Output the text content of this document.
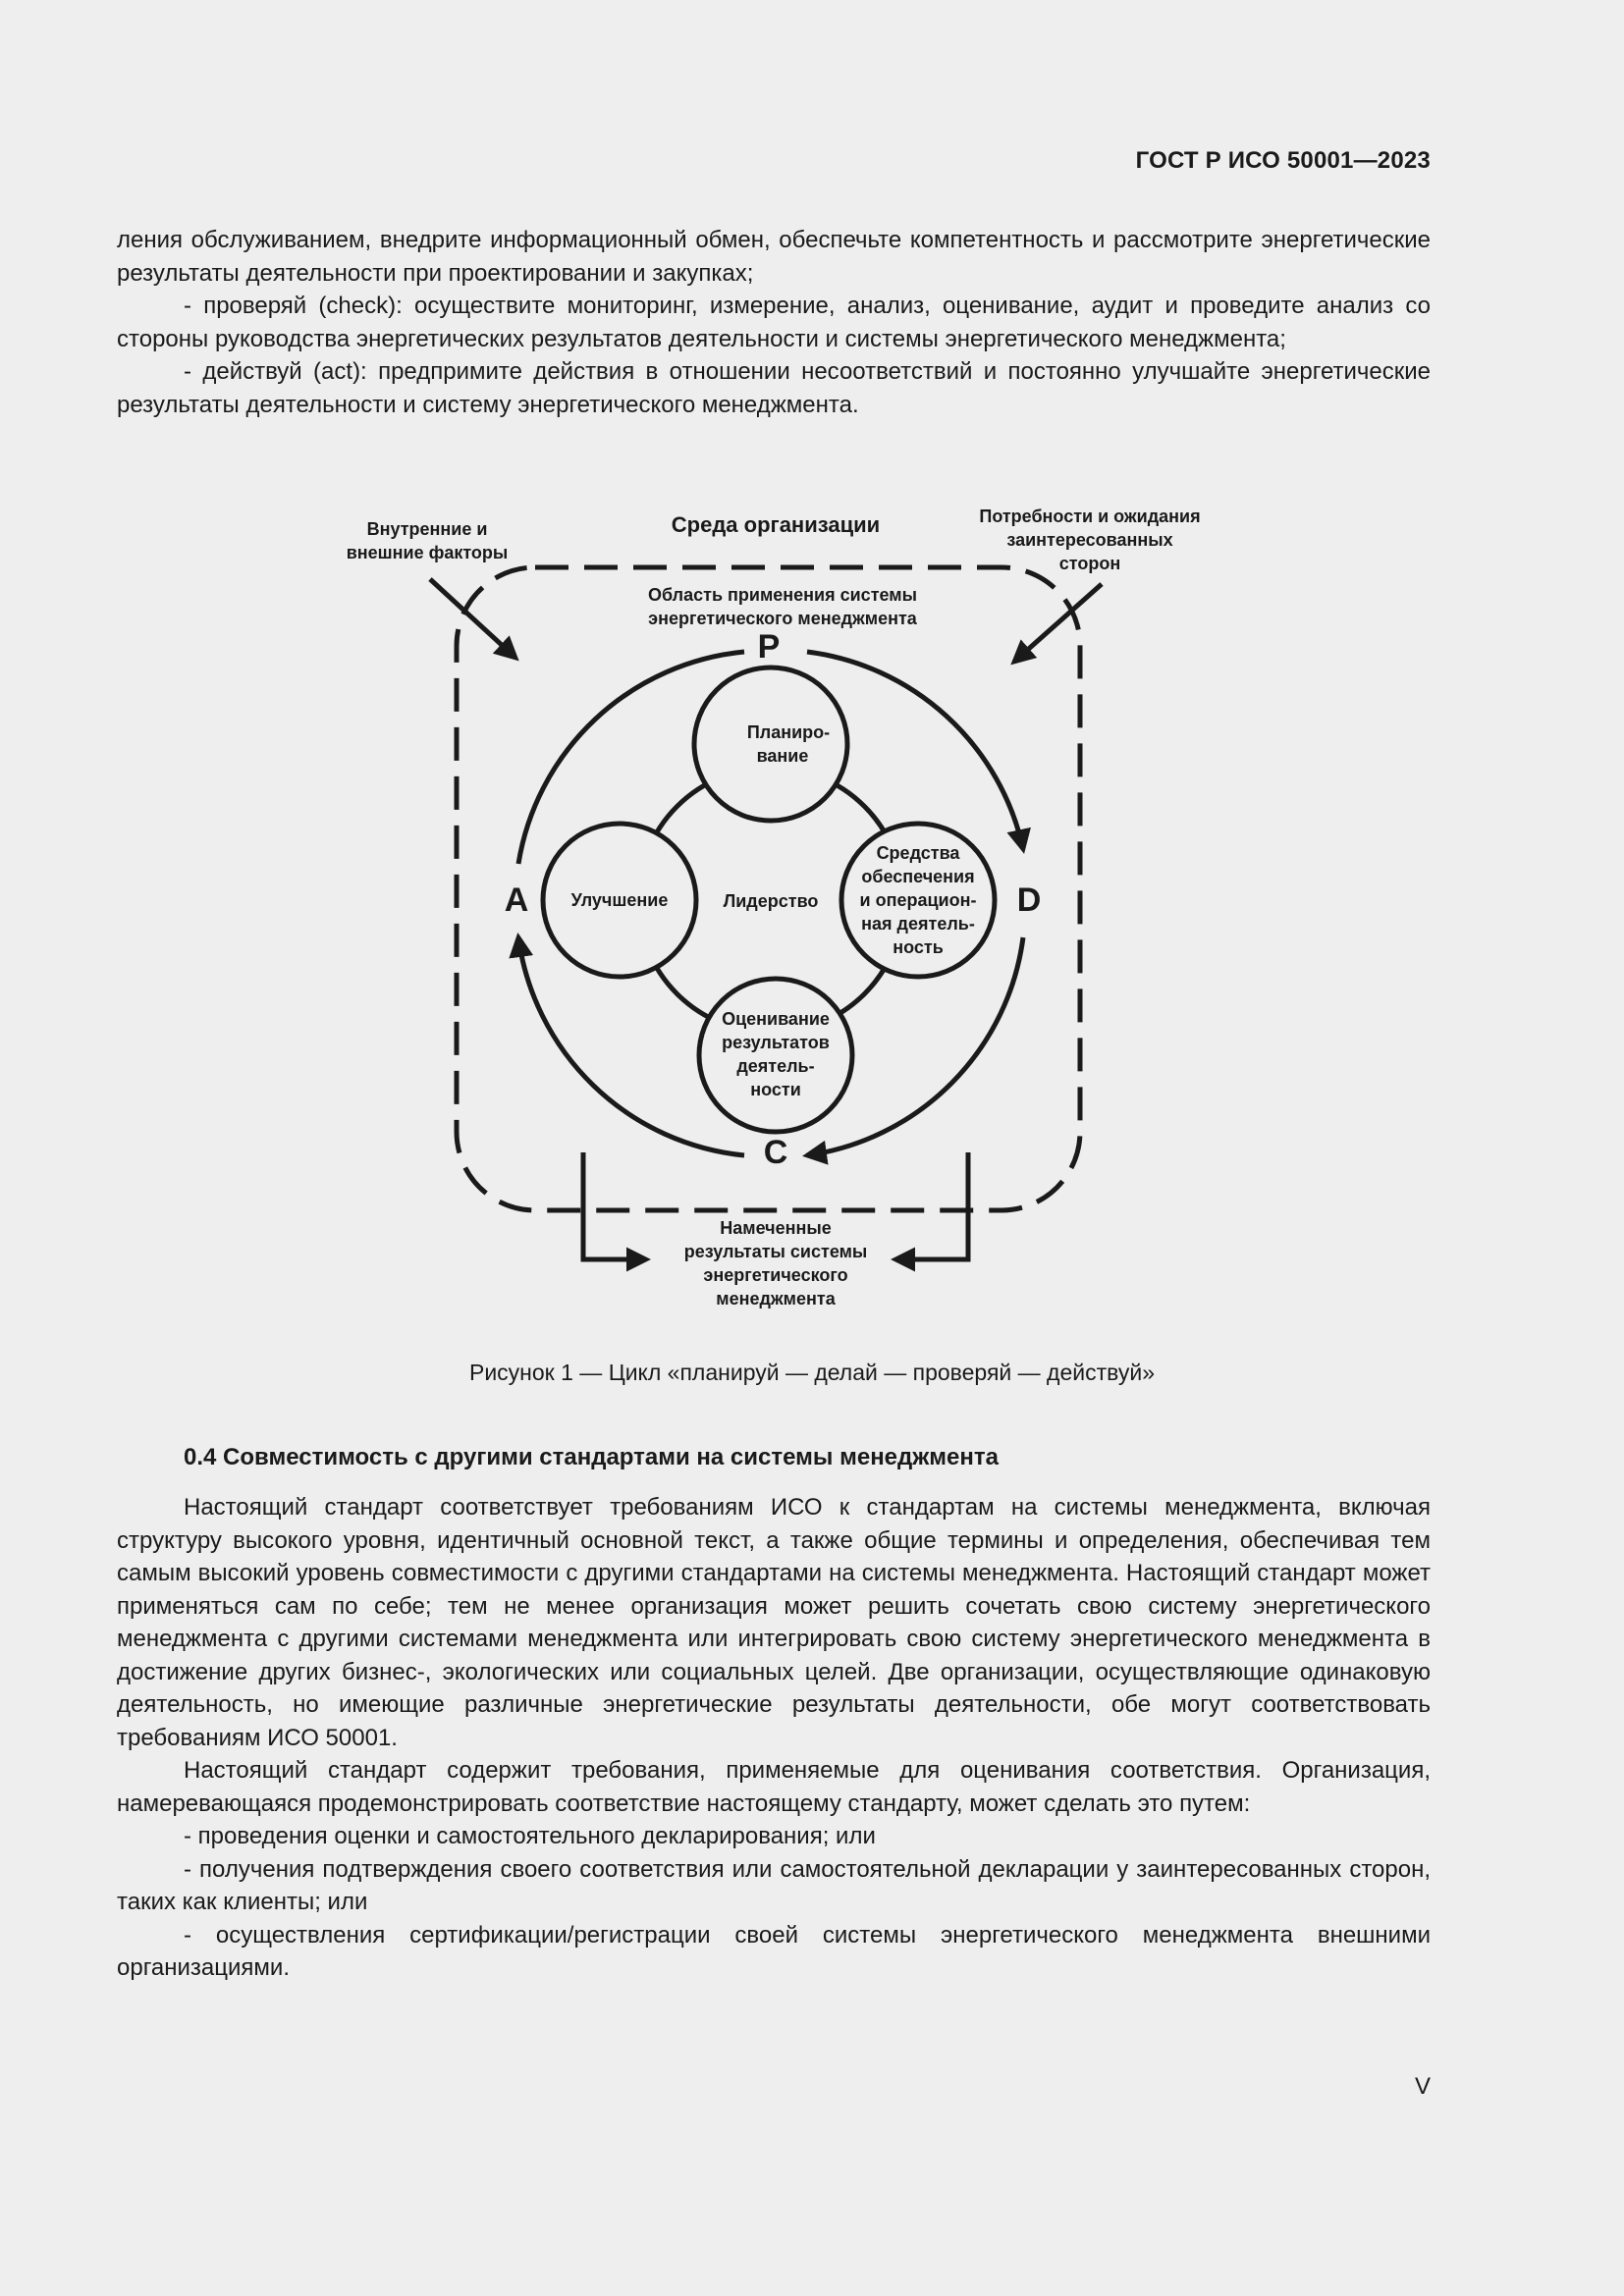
ГОСТ Р ИСО 50001—2023

ления обслуживанием, внедрите информационный обмен, обеспечьте компетентность и рассмотрите энергетические результаты деятельности при проектировании и закупках;

- проверяй (check): осуществите мониторинг, измерение, анализ, оценивание, аудит и проведите анализ со стороны руководства энергетических результатов деятельности и системы энергетического менеджмента;

- действуй (act): предпримите действия в отношении несоответствий и постоянно улучшайте энергетические результаты деятельности и систему энергетического менеджмента.

Среда организации
Внутренние и
внешние факторы
Потребности и ожидания
заинтересованных
сторон
Область применения системы
энергетического менеджмента
P
D
C
A	Лидерство
Планиро-
вание
Улучшение
Средства
обеспечения
и операцион-
ная деятель-
ность
Оценивание
результатов
деятель-
ности
Намеченные
результаты системы
энергетического
менеджмента
Рисунок 1 — Цикл «планируй — делай — проверяй — действуй»
0.4 Совместимость с другими стандартами на системы менеджмента

Настоящий стандарт соответствует требованиям ИСО к стандартам на системы менеджмента, включая структуру высокого уровня, идентичный основной текст, а также общие термины и определения, обеспечивая тем самым высокий уровень совместимости с другими стандартами на системы менеджмента. Настоящий стандарт может применяться сам по себе; тем не менее организация может решить сочетать свою систему энергетического менеджмента с другими системами менеджмента или интегрировать свою систему энергетического менеджмента в достижение других бизнес-, экологических или социальных целей. Две организации, осуществляющие одинаковую деятельность, но имеющие различные энергетические результаты деятельности, обе могут соответствовать требованиям ИСО 50001.

Настоящий стандарт содержит требования, применяемые для оценивания соответствия. Организация, намеревающаяся продемонстрировать соответствие настоящему стандарту, может сделать это путем:

- проведения оценки и самостоятельного декларирования; или

- получения подтверждения своего соответствия или самостоятельной декларации у заинтересованных сторон, таких как клиенты; или

- осуществления сертификации/регистрации своей системы энергетического менеджмента внешними организациями.

V
